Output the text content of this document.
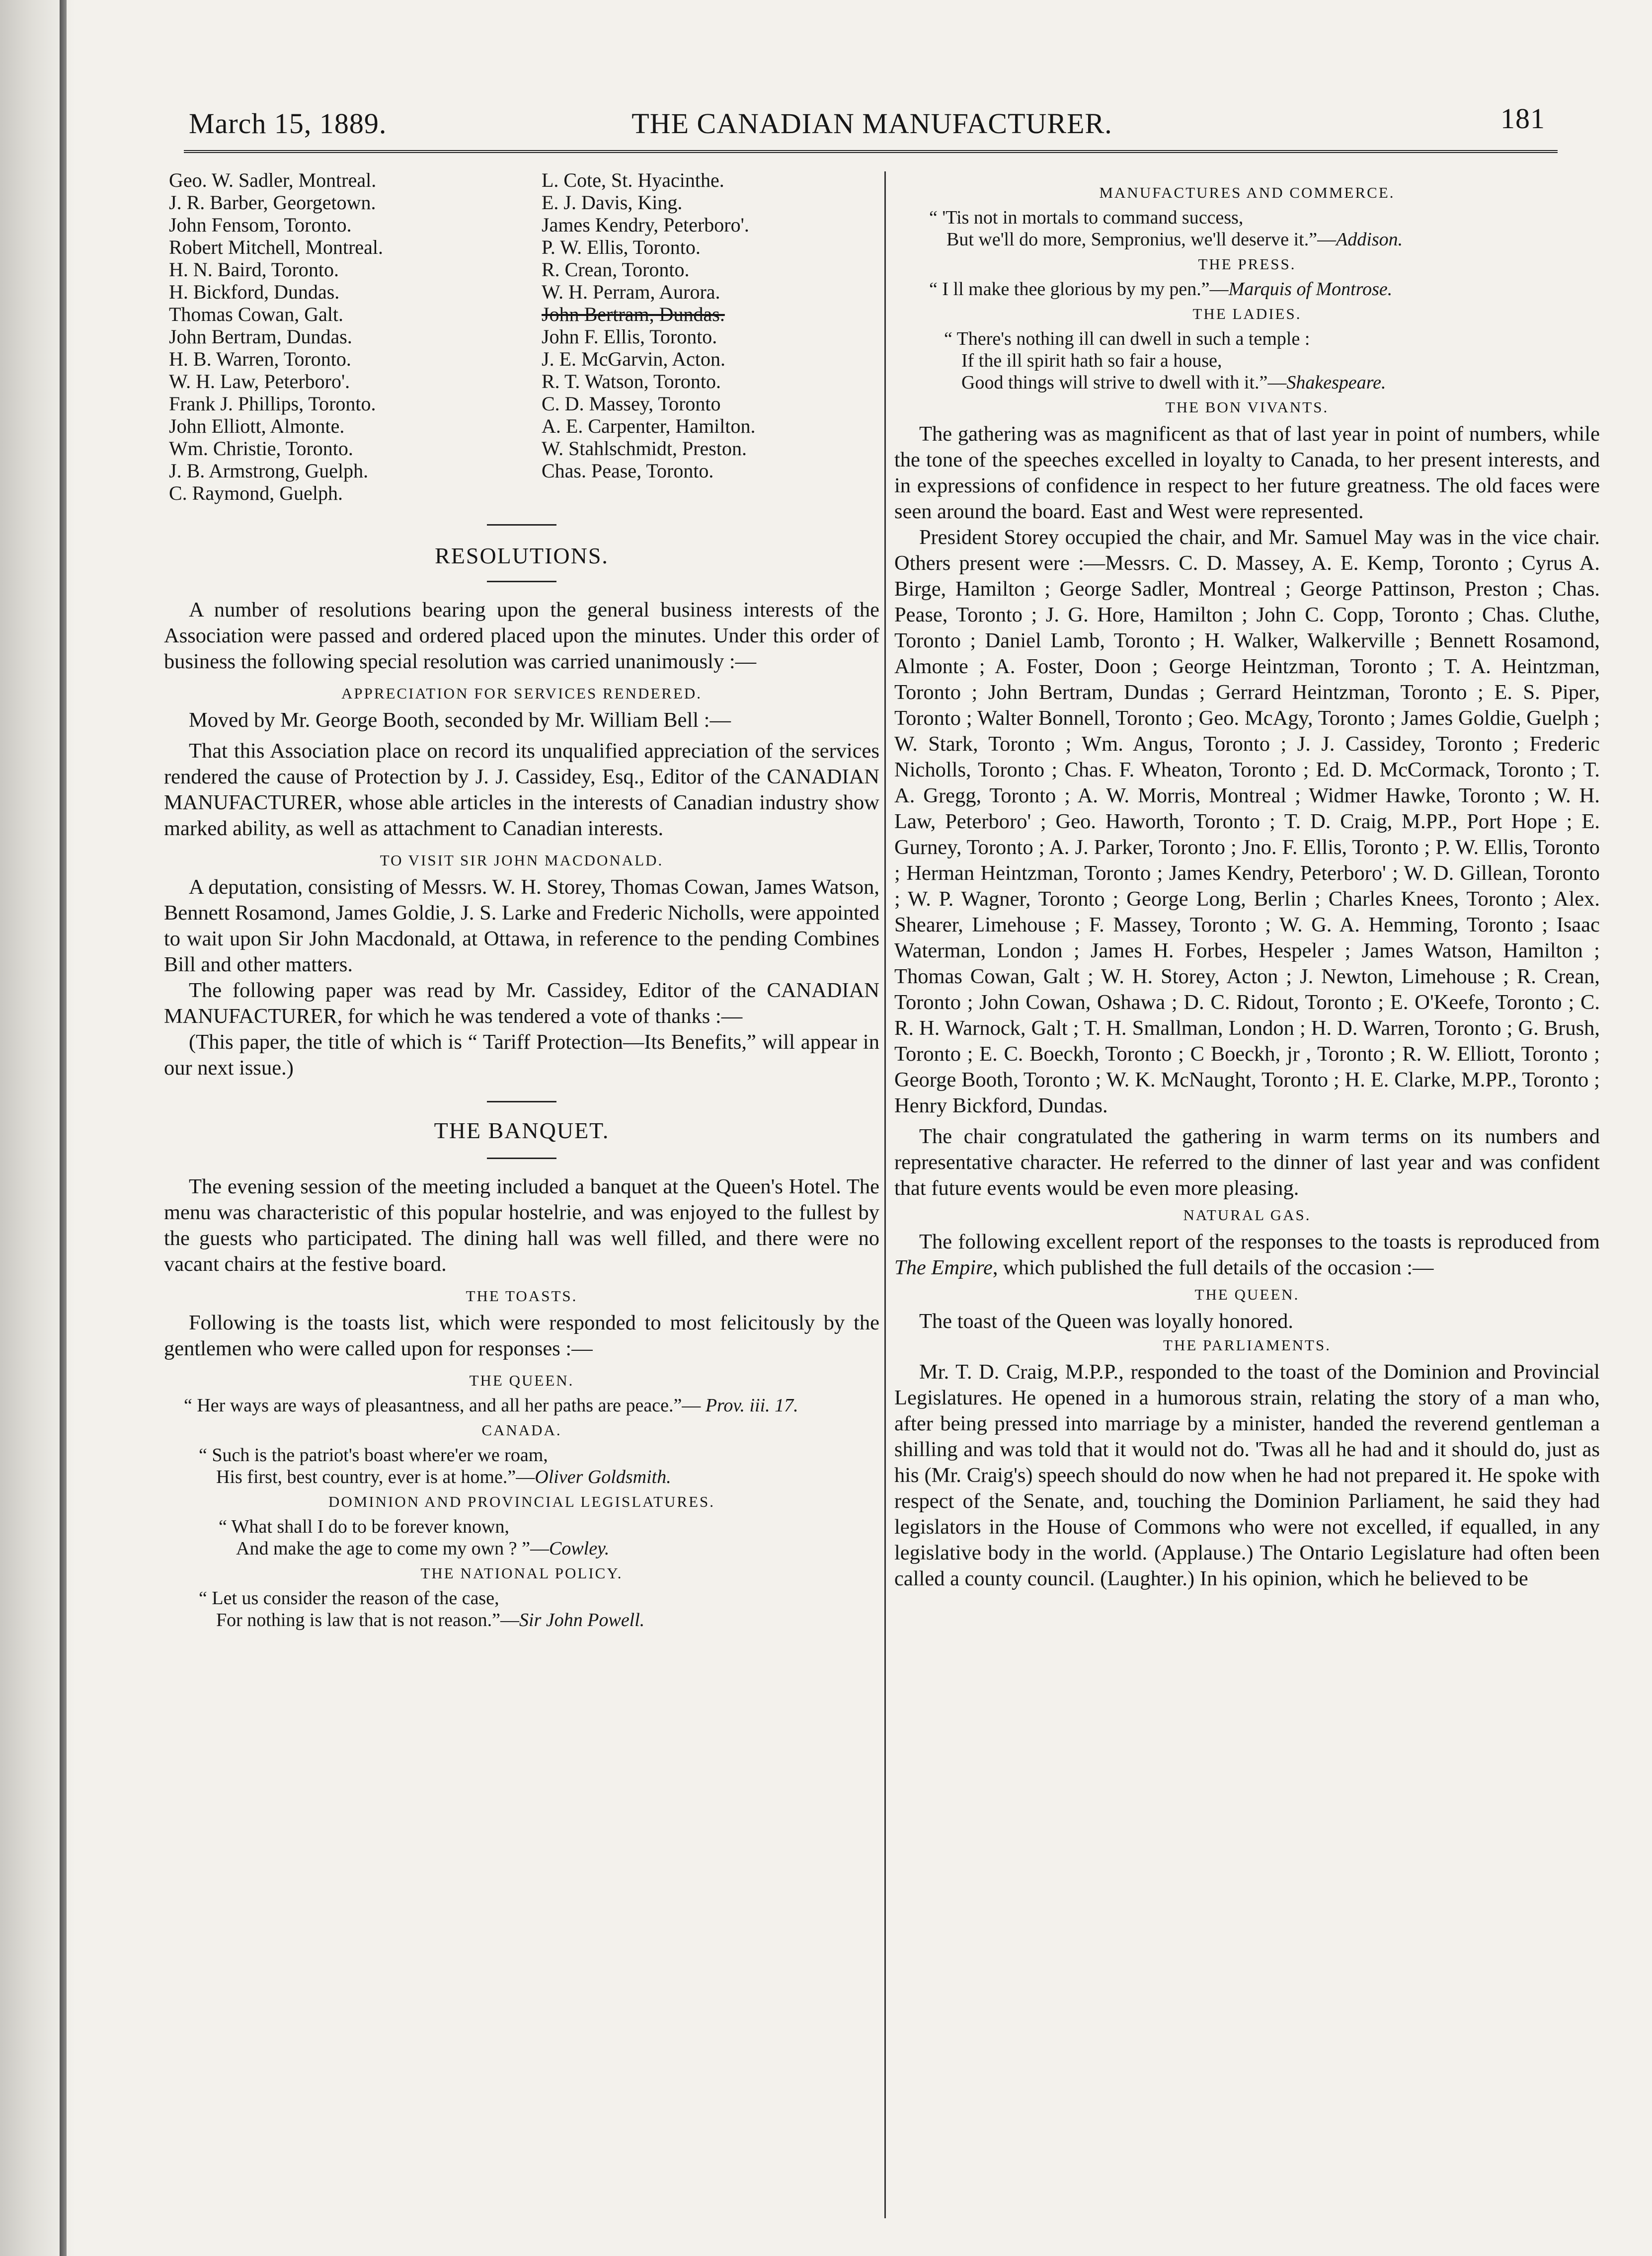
March 15, 1889.	THE CANADIAN MANUFACTURER.	181
Geo. W. Sadler, Montreal.
J. R. Barber, Georgetown.
John Fensom, Toronto.
Robert Mitchell, Montreal.
H. N. Baird, Toronto.
H. Bickford, Dundas.
Thomas Cowan, Galt.
John Bertram, Dundas.
H. B. Warren, Toronto.
W. H. Law, Peterboro'.
Frank J. Phillips, Toronto.
John Elliott, Almonte.
Wm. Christie, Toronto.
J. B. Armstrong, Guelph.
C. Raymond, Guelph.
L. Cote, St. Hyacinthe.
E. J. Davis, King.
James Kendry, Peterboro'.
P. W. Ellis, Toronto.
R. Crean, Toronto.
W. H. Perram, Aurora.
John Bertram, Dundas.
John F. Ellis, Toronto.
J. E. McGarvin, Acton.
R. T. Watson, Toronto.
C. D. Massey, Toronto
A. E. Carpenter, Hamilton.
W. Stahlschmidt, Preston.
Chas. Pease, Toronto.
RESOLUTIONS.

A number of resolutions bearing upon the general business interests of the Association were passed and ordered placed upon the minutes. Under this order of business the following special resolution was carried unanimously :—

APPRECIATION FOR SERVICES RENDERED.

Moved by Mr. George Booth, seconded by Mr. William Bell :—

That this Association place on record its unqualified appreciation of the services rendered the cause of Protection by J. J. Cassidey, Esq., Editor of the CANADIAN MANUFACTURER, whose able articles in the interests of Canadian industry show marked ability, as well as attachment to Canadian interests.

TO VISIT SIR JOHN MACDONALD.

A deputation, consisting of Messrs. W. H. Storey, Thomas Cowan, James Watson, Bennett Rosamond, James Goldie, J. S. Larke and Frederic Nicholls, were appointed to wait upon Sir John Macdonald, at Ottawa, in reference to the pending Combines Bill and other matters.

The following paper was read by Mr. Cassidey, Editor of the CANADIAN MANUFACTURER, for which he was tendered a vote of thanks :—

(This paper, the title of which is “ Tariff Protection—Its Benefits,” will appear in our next issue.)

THE BANQUET.

The evening session of the meeting included a banquet at the Queen's Hotel. The menu was characteristic of this popular hostelrie, and was enjoyed to the fullest by the guests who participated. The dining hall was well filled, and there were no vacant chairs at the festive board.

THE TOASTS.

Following is the toasts list, which were responded to most felicitously by the gentlemen who were called upon for responses :—

THE QUEEN.
“ Her ways are ways of pleasantness, and all her paths are peace.”— Prov. iii. 17.
CANADA.
“ Such is the patriot's boast where'er we roam,
His first, best country, ever is at home.”—Oliver Goldsmith.
DOMINION AND PROVINCIAL LEGISLATURES.
“ What shall I do to be forever known,
And make the age to come my own ? ”—Cowley.
THE NATIONAL POLICY.
“ Let us consider the reason of the case,
For nothing is law that is not reason.”—Sir John Powell.
MANUFACTURES AND COMMERCE.
“ 'Tis not in mortals to command success,
But we'll do more, Sempronius, we'll deserve it.”—Addison.
THE PRESS.
“ I ll make thee glorious by my pen.”—Marquis of Montrose.
THE LADIES.
“ There's nothing ill can dwell in such a temple :
If the ill spirit hath so fair a house,
Good things will strive to dwell with it.”—Shakespeare.
THE BON VIVANTS.

The gathering was as magnificent as that of last year in point of numbers, while the tone of the speeches excelled in loyalty to Canada, to her present interests, and in expressions of confidence in respect to her future greatness. The old faces were seen around the board. East and West were represented.

President Storey occupied the chair, and Mr. Samuel May was in the vice chair. Others present were :—Messrs. C. D. Massey, A. E. Kemp, Toronto ; Cyrus A. Birge, Hamilton ; George Sadler, Montreal ; George Pattinson, Preston ; Chas. Pease, Toronto ; J. G. Hore, Hamilton ; John C. Copp, Toronto ; Chas. Cluthe, Toronto ; Daniel Lamb, Toronto ; H. Walker, Walkerville ; Bennett Rosamond, Almonte ; A. Foster, Doon ; George Heintzman, Toronto ; T. A. Heintzman, Toronto ; John Bertram, Dundas ; Gerrard Heintzman, Toronto ; E. S. Piper, Toronto ; Walter Bonnell, Toronto ; Geo. McAgy, Toronto ; James Goldie, Guelph ; W. Stark, Toronto ; Wm. Angus, Toronto ; J. J. Cassidey, Toronto ; Frederic Nicholls, Toronto ; Chas. F. Wheaton, Toronto ; Ed. D. McCormack, Toronto ; T. A. Gregg, Toronto ; A. W. Morris, Montreal ; Widmer Hawke, Toronto ; W. H. Law, Peterboro' ; Geo. Haworth, Toronto ; T. D. Craig, M.PP., Port Hope ; E. Gurney, Toronto ; A. J. Parker, Toronto ; Jno. F. Ellis, Toronto ; P. W. Ellis, Toronto ; Herman Heintzman, Toronto ; James Kendry, Peterboro' ; W. D. Gillean, Toronto ; W. P. Wagner, Toronto ; George Long, Berlin ; Charles Knees, Toronto ; Alex. Shearer, Limehouse ; F. Massey, Toronto ; W. G. A. Hemming, Toronto ; Isaac Waterman, London ; James H. Forbes, Hespeler ; James Watson, Hamilton ; Thomas Cowan, Galt ; W. H. Storey, Acton ; J. Newton, Limehouse ; R. Crean, Toronto ; John Cowan, Oshawa ; D. C. Ridout, Toronto ; E. O'Keefe, Toronto ; C. R. H. Warnock, Galt ; T. H. Smallman, London ; H. D. Warren, Toronto ; G. Brush, Toronto ; E. C. Boeckh, Toronto ; C Boeckh, jr , Toronto ; R. W. Elliott, Toronto ; George Booth, Toronto ; W. K. McNaught, Toronto ; H. E. Clarke, M.PP., Toronto ; Henry Bickford, Dundas.

The chair congratulated the gathering in warm terms on its numbers and representative character. He referred to the dinner of last year and was confident that future events would be even more pleasing.

NATURAL GAS.

The following excellent report of the responses to the toasts is reproduced from The Empire, which published the full details of the occasion :—

THE QUEEN.

The toast of the Queen was loyally honored.

THE PARLIAMENTS.

Mr. T. D. Craig, M.P.P., responded to the toast of the Dominion and Provincial Legislatures. He opened in a humorous strain, relating the story of a man who, after being pressed into marriage by a minister, handed the reverend gentleman a shilling and was told that it would not do. 'Twas all he had and it should do, just as his (Mr. Craig's) speech should do now when he had not prepared it. He spoke with respect of the Senate, and, touching the Dominion Parliament, he said they had legislators in the House of Commons who were not excelled, if equalled, in any legislative body in the world. (Applause.) The Ontario Legislature had often been called a county council. (Laughter.) In his opinion, which he believed to be
